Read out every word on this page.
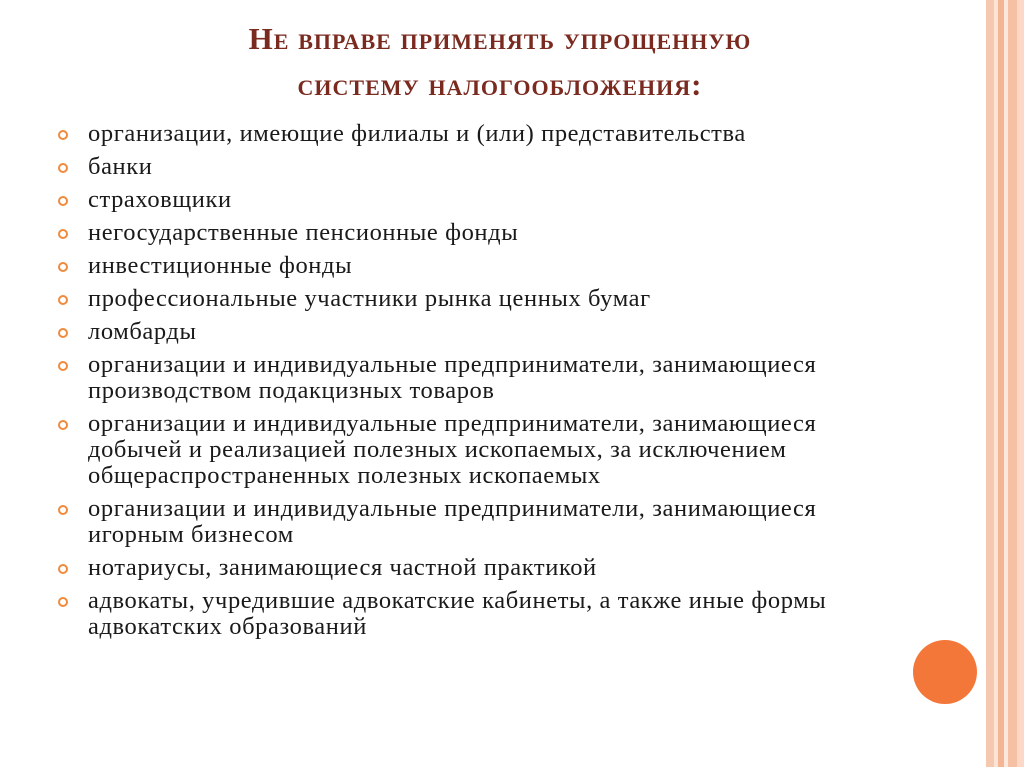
Не вправе применять упрощенную
систему налогообложения:
организации, имеющие филиалы и (или) представительства
банки
страховщики
негосударственные пенсионные фонды
инвестиционные фонды
профессиональные участники рынка ценных бумаг
ломбарды
организации и индивидуальные предприниматели, занимающиеся производством подакцизных товаров
организации и индивидуальные предприниматели, занимающиеся добычей и реализацией полезных ископаемых, за исключением общераспространенных полезных ископаемых
организации и индивидуальные предприниматели, занимающиеся игорным бизнесом
нотариусы, занимающиеся частной практикой
адвокаты, учредившие адвокатские кабинеты, а также иные формы адвокатских образований
